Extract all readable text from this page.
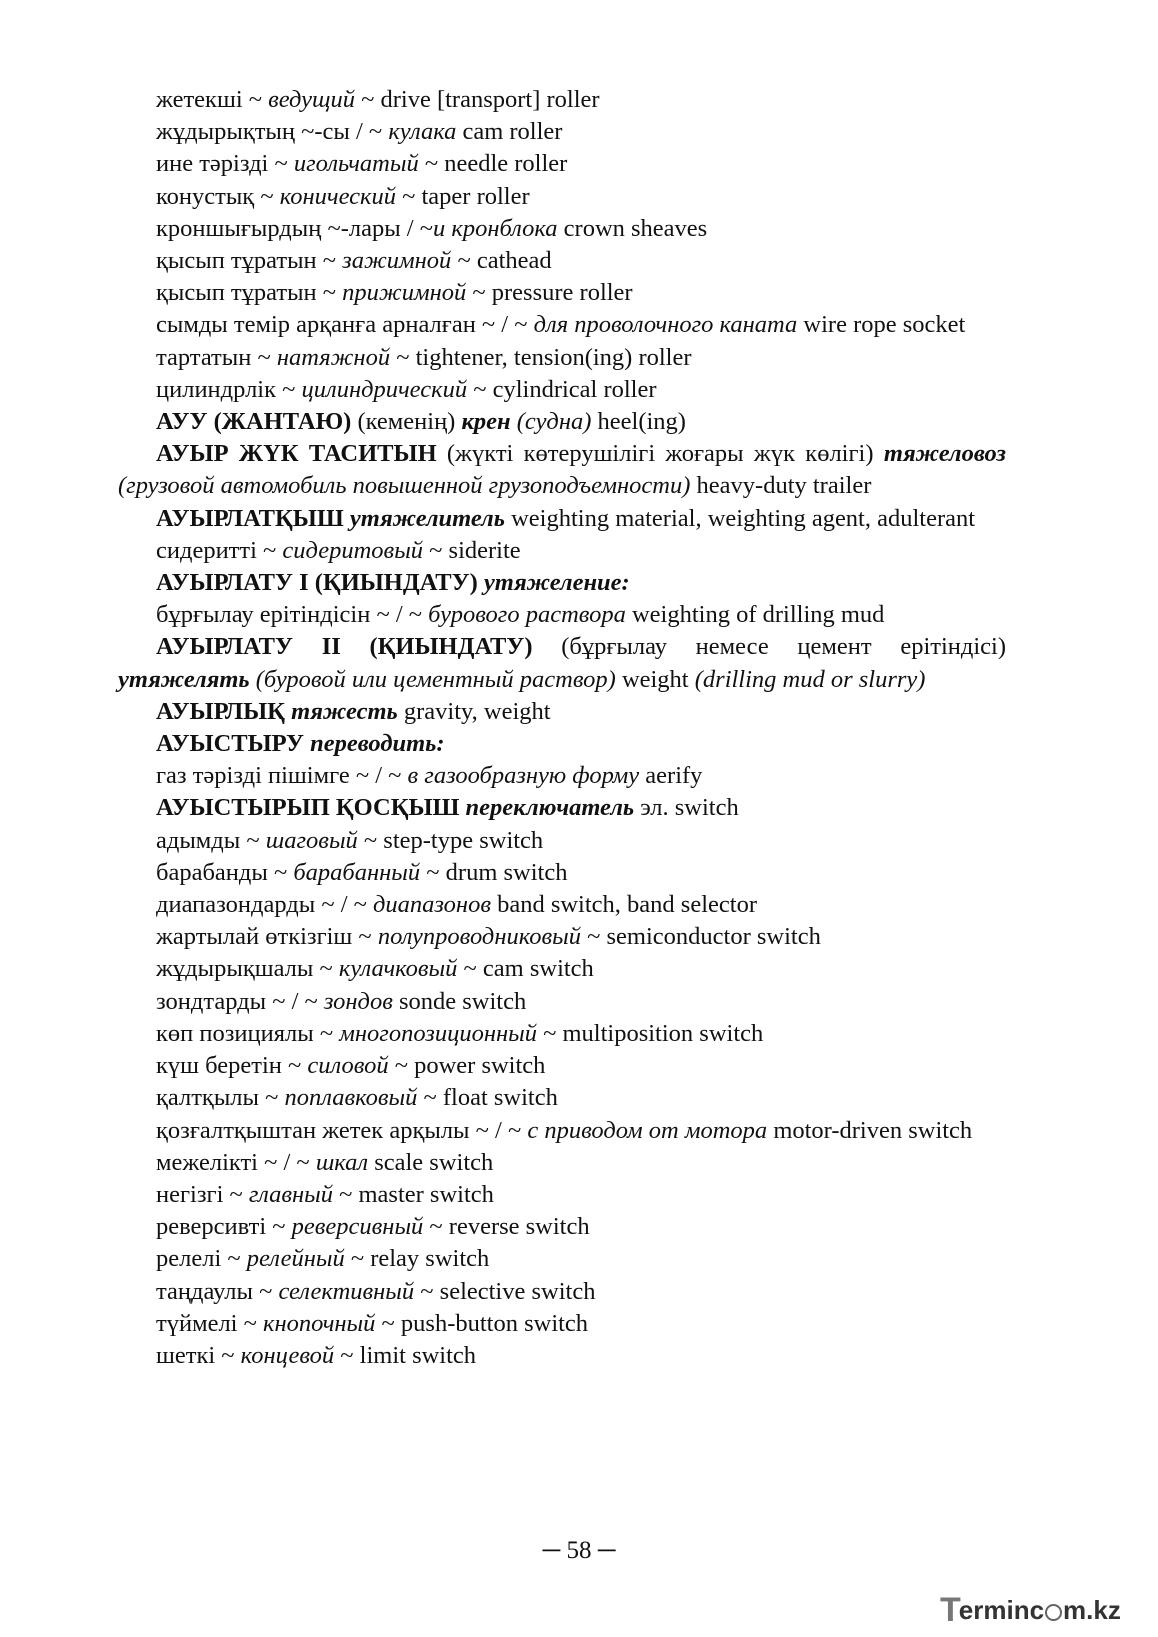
жетекші ~ ведущий ~ drive [transport] roller

жұдырықтың ~-сы / ~ кулака cam roller

ине тәрізді ~ игольчатый ~ needle roller

конустық ~ конический ~ taper roller

кроншығырдың ~-лары / ~и кронблока crown sheaves

қысып тұратын ~ зажимной ~ cathead

қысып тұратын ~ прижимной ~ pressure roller

сымды темір арқанға арналған ~ / ~ для проволочного каната wire rope socket

тартатын ~ натяжной ~ tightener, tension(ing) roller

цилиндрлік ~ цилиндрический ~ cylindrical roller

АУУ (ЖАНТАЮ) (кеменің) крен (судна) heel(ing)

АУЫР ЖҮК ТАСИТЫН (жүкті көтерушілігі жоғары жүк көлігі) тяжеловоз (грузовой автомобиль повышенной грузоподъемности) heavy-duty trailer

АУЫРЛАТҚЫШ утяжелитель weighting material, weighting agent, adulterant

сидеритті ~ сидеритовый ~ siderite

АУЫРЛАТУ I (ҚИЫНДАТУ) утяжеление:

бұрғылау ерітіндісін ~ / ~ бурового раствора weighting of drilling mud

АУЫРЛАТУ II (ҚИЫНДАТУ) (бұрғылау немесе цемент ерітіндісі) утяжелять (буровой или цементный раствор) weight (drilling mud or slurry)

АУЫРЛЫҚ тяжесть gravity, weight

АУЫСТЫРУ переводить:

газ тәрізді пішімге ~ / ~ в газообразную форму aerify

АУЫСТЫРЫП ҚОСҚЫШ переключатель эл. switch

адымды ~ шаговый ~ step-type switch

барабанды ~ барабанный ~ drum switch

диапазондарды ~ / ~ диапазонов band switch, band selector

жартылай өткізгіш ~ полупроводниковый ~ semiconductor switch

жұдырықшалы ~ кулачковый ~ cam switch

зондтарды ~ / ~ зондов sonde switch

көп позициялы ~ многопозиционный ~ multiposition switch

күш беретін ~ силовой ~ power switch

қалтқылы ~ поплавковый ~ float switch

қозғалтқыштан жетек арқылы ~ / ~ с приводом от мотора motor-driven switch

межелікті ~ / ~ шкал scale switch

негізгі ~ главный ~ master switch

реверсивті ~ реверсивный ~ reverse switch

релелі ~ релейный ~ relay switch

таңдаулы ~ селективный ~ selective switch

түймелі ~ кнопочный ~ push-button switch

шеткі ~ концевой ~ limit switch

─ 58 ─
T erminc m.kz
